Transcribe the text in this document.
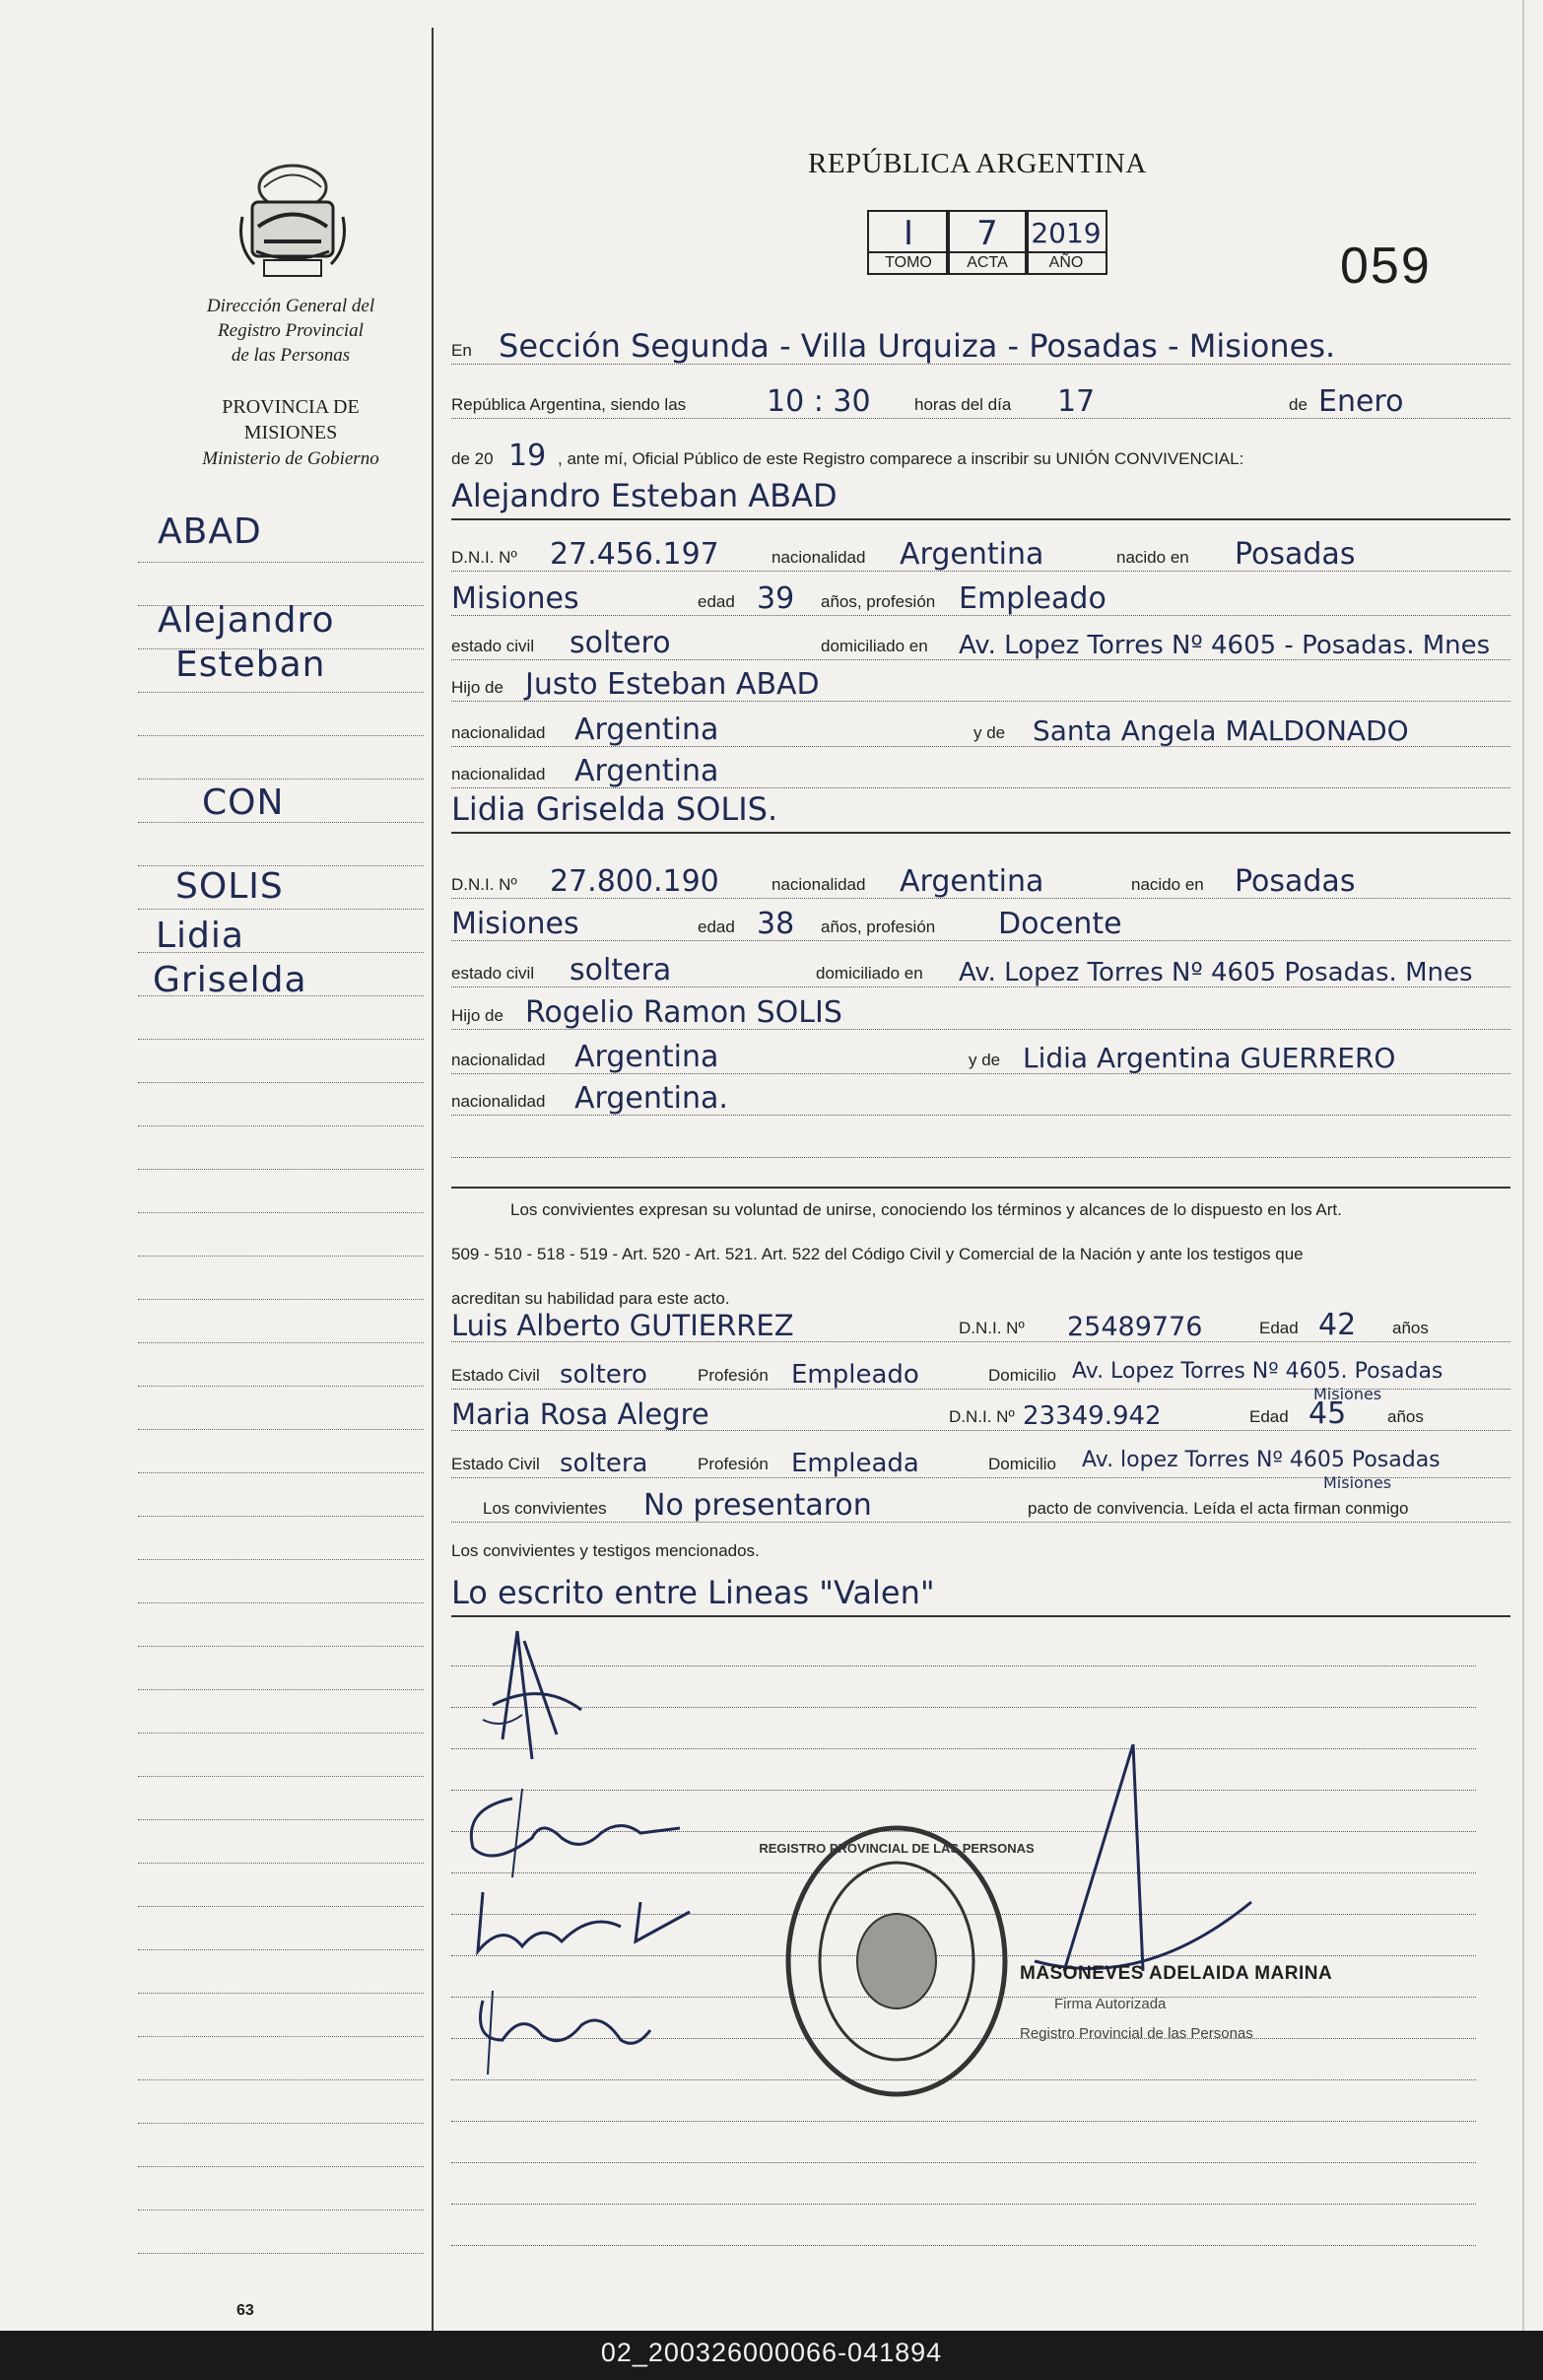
Dirección General del
Registro Provincial
de las Personas
PROVINCIA DE
MISIONES
Ministerio de Gobierno
ABAD
Alejandro
Esteban
CON
SOLIS
Lidia
Griselda
REPÚBLICA ARGENTINA
I
TOMO
7
ACTA
2019
AÑO	059
En Sección Segunda - Villa Urquiza - Posadas - Misiones.
República Argentina, siendo las	10 : 30	horas del día 17	de Enero
de 20 19 , ante mí, Oficial Público de este Registro comparece a inscribir su UNIÓN CONVIVENCIAL:
Alejandro Esteban ABAD
D.N.I. Nº 27.456.197	nacionalidad Argentina	nacido en Posadas
Misiones	edad 39 años, profesión Empleado
estado civil soltero	domiciliado en Av. Lopez Torres Nº 4605 - Posadas. Mnes
Hijo de Justo Esteban ABAD
nacionalidad Argentina	y de Santa Angela MALDONADO
nacionalidad Argentina
Lidia Griselda SOLIS.
D.N.I. Nº 27.800.190	nacionalidad Argentina	nacido en Posadas
Misiones	edad 38 años, profesión Docente
estado civil soltera	domiciliado en Av. Lopez Torres Nº 4605 Posadas. Mnes
Hijo de Rogelio Ramon SOLIS
nacionalidad Argentina	y de Lidia Argentina GUERRERO
nacionalidad Argentina.
Los convivientes expresan su voluntad de unirse, conociendo los términos y alcances de lo dispuesto en los Art.
509 - 510 - 518 - 519 - Art. 520 - Art. 521. Art. 522 del Código Civil y Comercial de la Nación y ante los testigos que
acreditan su habilidad para este acto.
Luis Alberto GUTIERREZ	D.N.I. Nº 25489776	Edad 42 años
Estado Civil soltero	Profesión Empleado	Domicilio Av. Lopez Torres Nº 4605. Posadas
Misiones
Maria Rosa Alegre	D.N.I. Nº 23349.942	Edad 45 años
Estado Civil soltera	Profesión Empleada	Domicilio Av. lopez Torres Nº 4605 Posadas
Misiones
Los convivientes No presentaron	pacto de convivencia. Leída el acta firman conmigo
Los convivientes y testigos mencionados.
Lo escrito entre Lineas "Valen"
REGISTRO PROVINCIAL DE LAS PERSONAS
MASONEVES ADELAIDA MARINA
Firma Autorizada
Registro Provincial de las Personas
63
02_200326000066-041894
